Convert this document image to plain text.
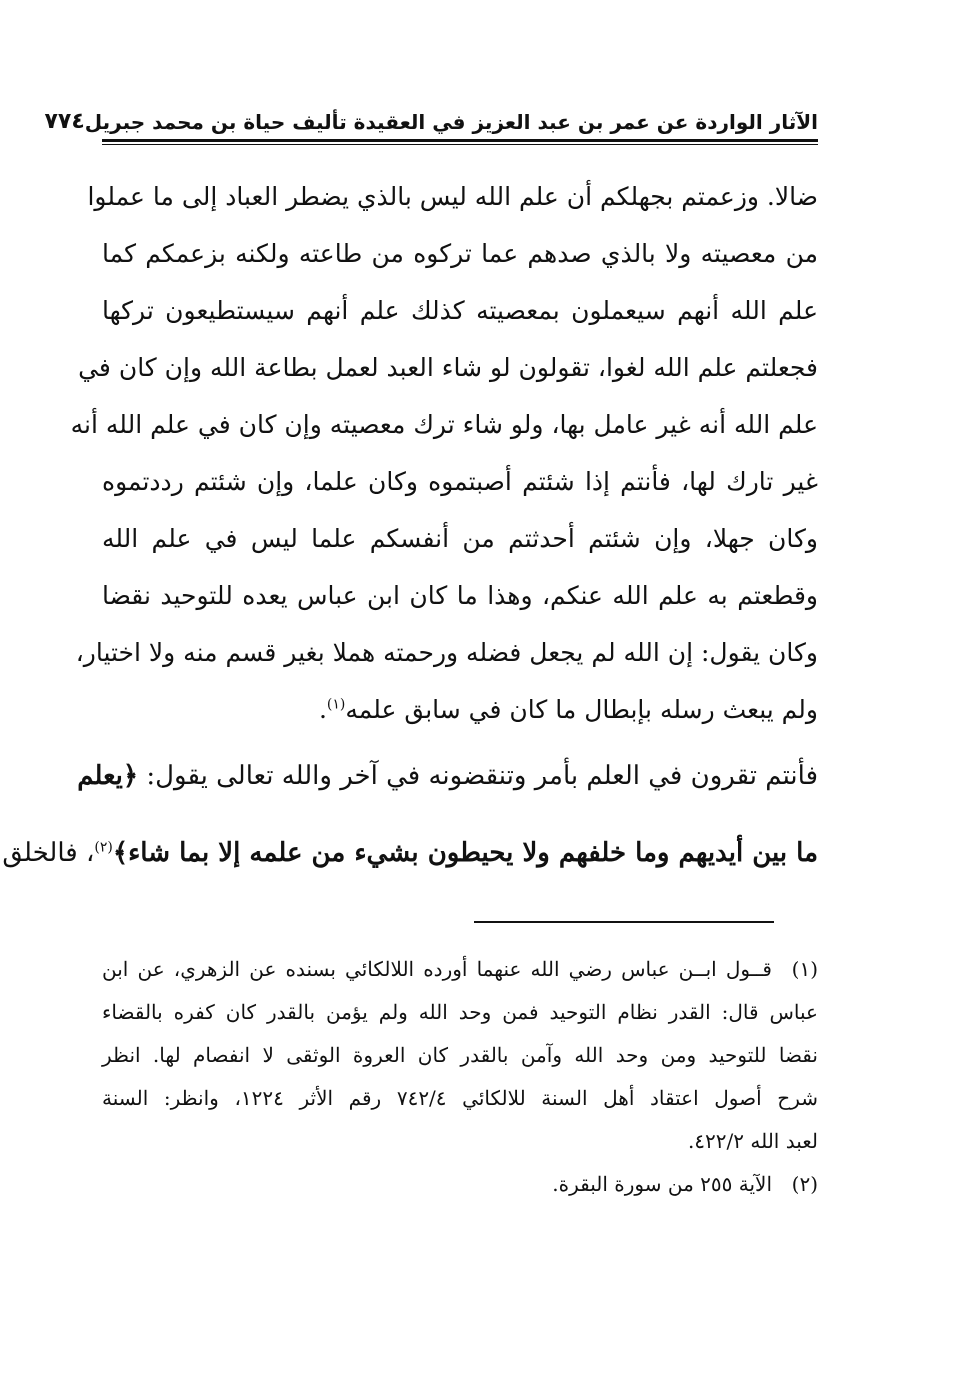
الآثار الواردة عن عمر بن عبد العزيز في العقيدة تأليف حياة بن محمد جبريل
٧٧٤
ضالا. وزعمتم بجهلكم أن علم الله ليس بالذي يضطر العباد إلى ما عملوا
من معصيته ولا بالذي صدهم عما تركوه من طاعته ولكنه بزعمكم كما
علم الله أنهم سيعملون بمعصيته كذلك علم أنهم سيستطيعون تركها
فجعلتم علم الله لغوا، تقولون لو شاء العبد لعمل بطاعة الله وإن كان في
علم الله أنه غير عامل بها، ولو شاء ترك معصيته وإن كان في علم الله أنه
غير تارك لها، فأنتم إذا شئتم أصبتموه وكان علما، وإن شئتم رددتموه
وكان جهلا، وإن شئتم أحدثتم من أنفسكم علما ليس في علم الله
وقطعتم به علم الله عنكم، وهذا ما كان ابن عباس يعده للتوحيد نقضا
وكان يقول: إن الله لم يجعل فضله ورحمته هملا بغير قسم منه ولا اختيار،
ولم يبعث رسله بإبطال ما كان في سابق علمه$^{(١)}$.
فأنتم تقرون في العلم بأمر وتنقضونه في آخر والله تعالى يقول: ﴿يعلم
ما بين أيديهم وما خلفهم ولا يحيطون بشيء من علمه إلا بما شاء﴾$^{(٢)}$، فالخلق
(١)
قــول ابــن عباس رضي الله عنهما أورده اللالكائي بسنده عن الزهري، عن ابن
عباس قال: القدر نظام التوحيد فمن وحد الله ولم يؤمن بالقدر كان كفره بالقضاء
نقضا للتوحيد ومن وحد الله وآمن بالقدر كان العروة الوثقى لا انفصام لها. انظر
شرح أصول اعتقاد أهل السنة للالكائي ٧٤٢/٤ رقم الأثر ١٢٢٤، وانظر: السنة
لعبد الله ٤٢٢/٢.
(٢)
الآية ٢٥٥ من سورة البقرة.
